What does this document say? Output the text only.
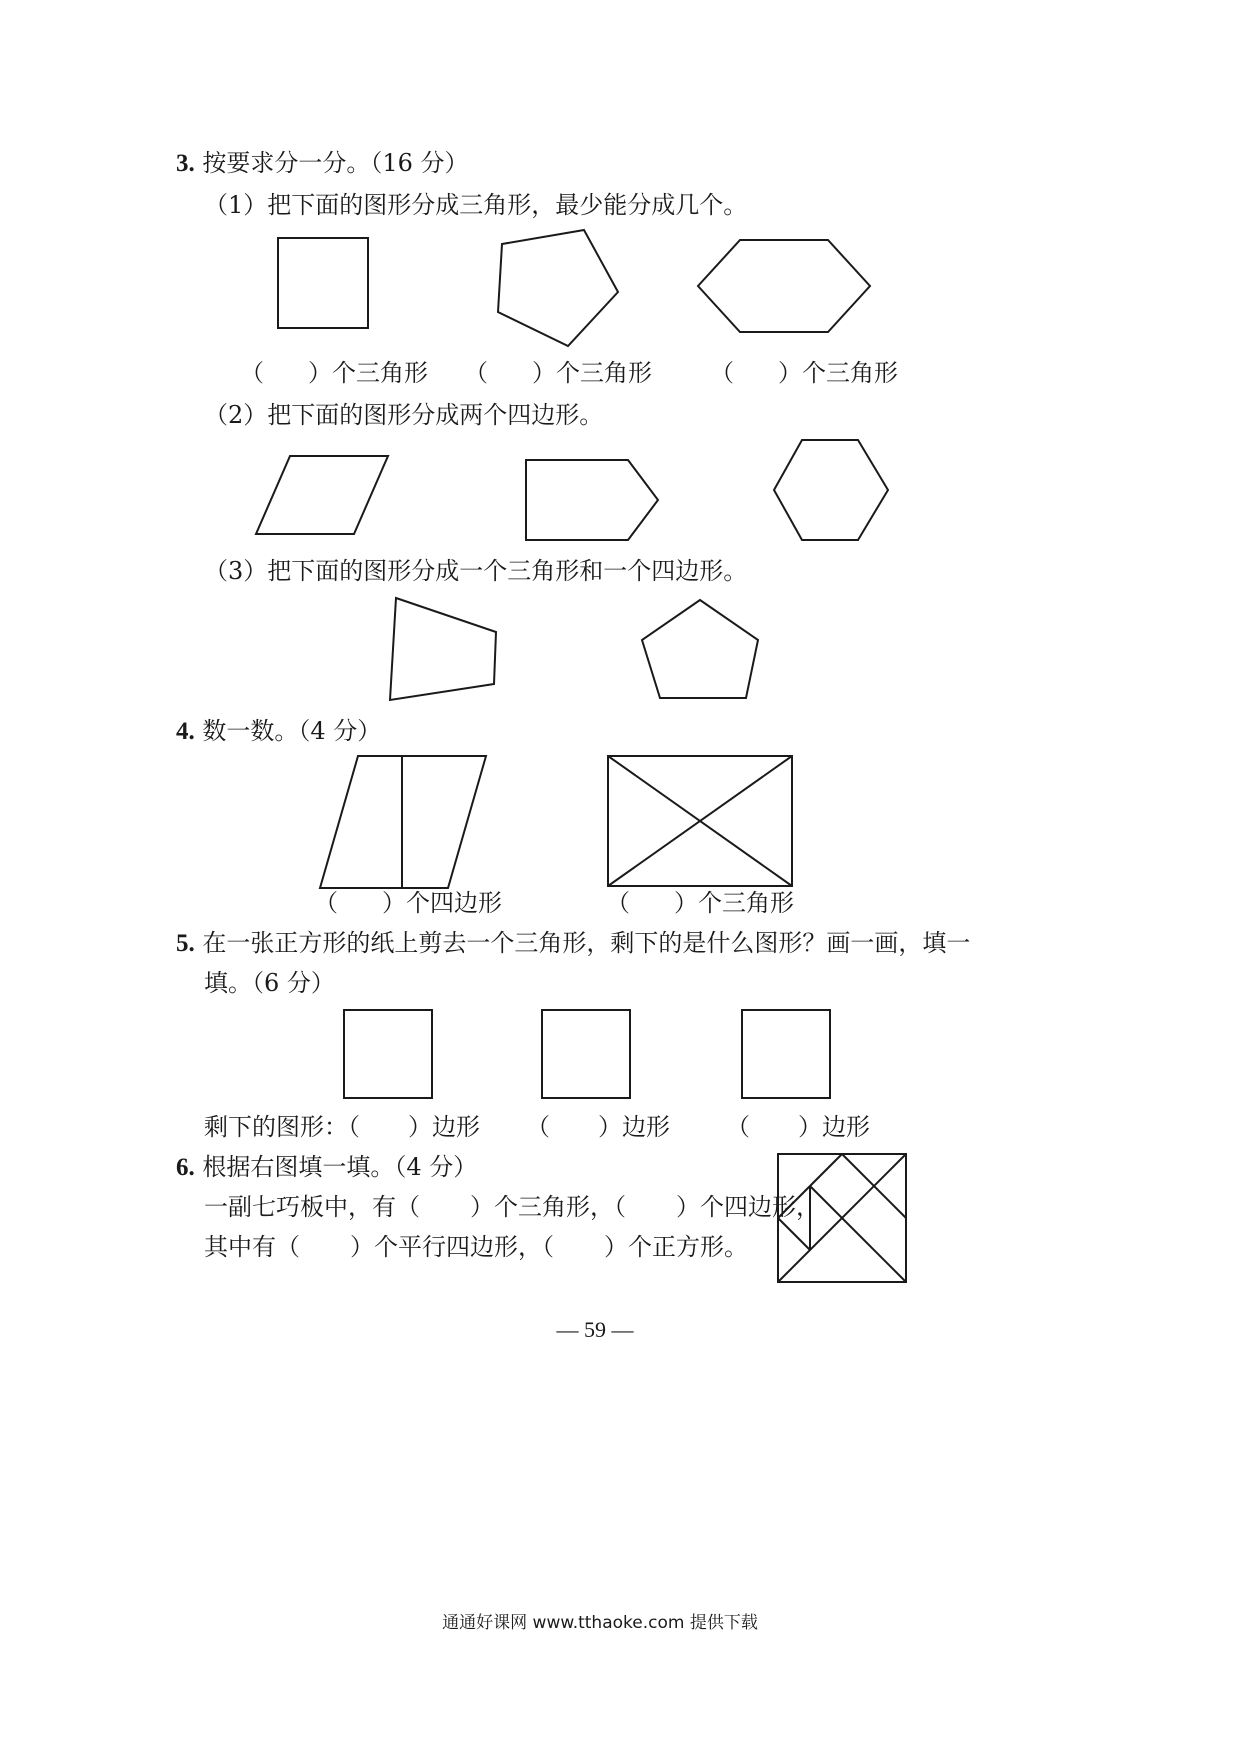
3. 按要求分一分。（16 分）
（1）把下面的图形分成三角形，最少能分成几个。
（ ）个三角形 （ ）个三角形 （ ）个三角形
（2）把下面的图形分成两个四边形。
（3）把下面的图形分成一个三角形和一个四边形。
4. 数一数。（4 分）
（ ）个四边形	（ ）个三角形
5. 在一张正方形的纸上剪去一个三角形，剩下的是什么图形？画一画，填一
填。（6 分）
剩下的图形：（ ）边形 （ ）边形 （ ）边形
6. 根据右图填一填。（4 分）
一副七巧板中，有（ ）个三角形，（ ）个四边形，
其中有（ ）个平行四边形，（ ）个正方形。
— 59 —
通通好课网 www.tthaoke.com 提供下载
